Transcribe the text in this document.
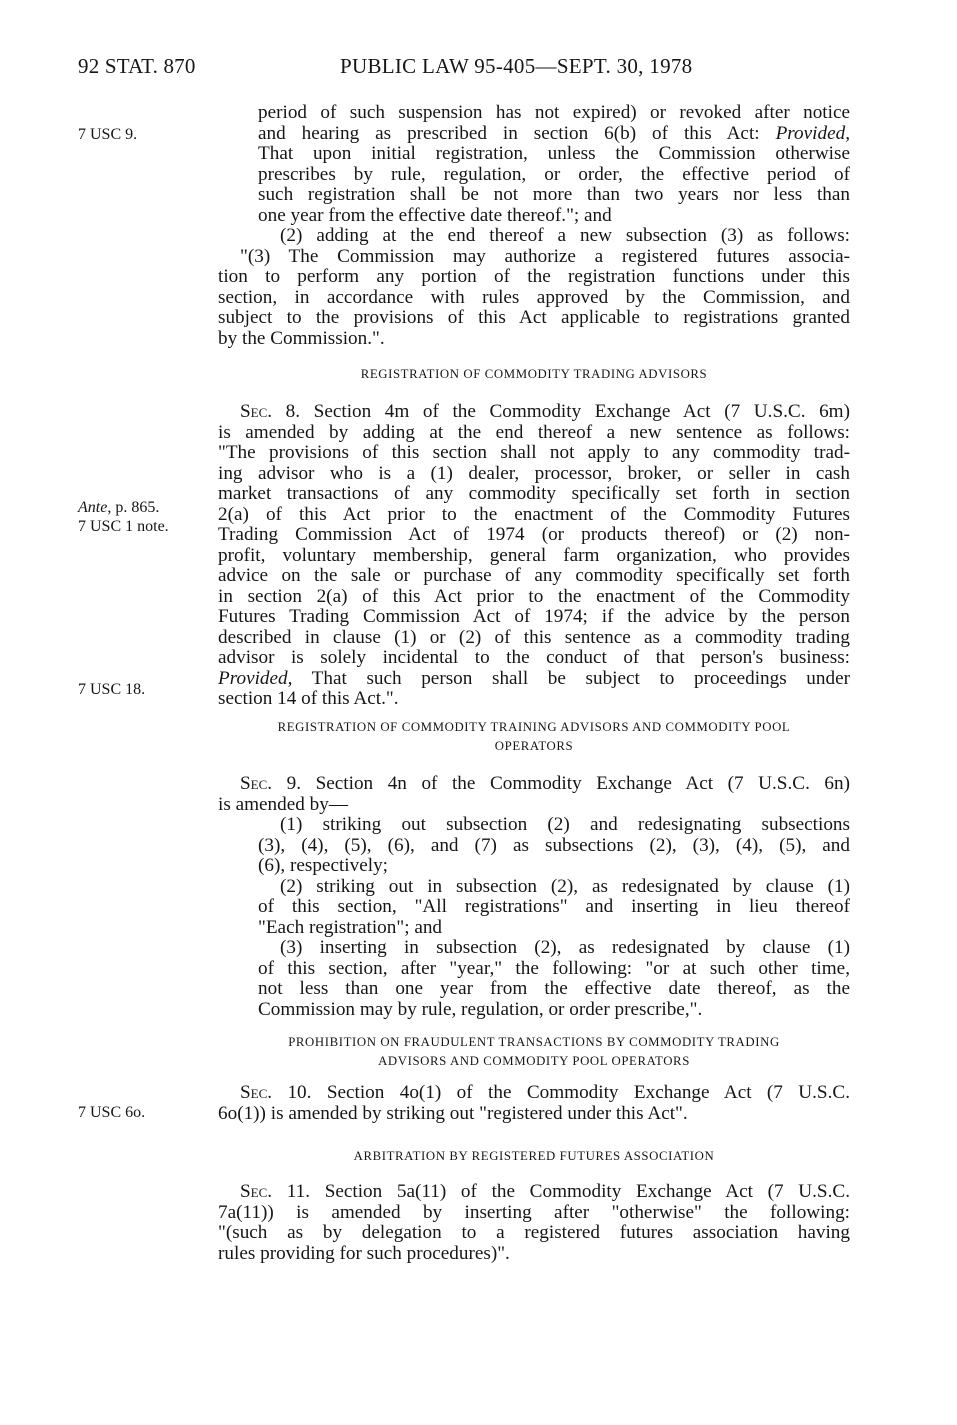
92 STAT. 870	PUBLIC LAW 95-405—SEPT. 30, 1978
7 USC 9.
Ante, p. 865.
7 USC 1 note.
7 USC 18.
7 USC 6o.
period of such suspension has not expired) or revoked after notice
and hearing as prescribed in section 6(b) of this Act: Provided,
That upon initial registration, unless the Commission otherwise
prescribes by rule, regulation, or order, the effective period of
such registration shall be not more than two years nor less than
one year from the effective date thereof."; and
(2) adding at the end thereof a new subsection (3) as follows:
"(3) The Commission may authorize a registered futures associa-
tion to perform any portion of the registration functions under this
section, in accordance with rules approved by the Commission, and
subject to the provisions of this Act applicable to registrations granted
by the Commission.".
REGISTRATION OF COMMODITY TRADING ADVISORS
Sec. 8. Section 4m of the Commodity Exchange Act (7 U.S.C. 6m)
is amended by adding at the end thereof a new sentence as follows:
"The provisions of this section shall not apply to any commodity trad-
ing advisor who is a (1) dealer, processor, broker, or seller in cash
market transactions of any commodity specifically set forth in section
2(a) of this Act prior to the enactment of the Commodity Futures
Trading Commission Act of 1974 (or products thereof) or (2) non-
profit, voluntary membership, general farm organization, who provides
advice on the sale or purchase of any commodity specifically set forth
in section 2(a) of this Act prior to the enactment of the Commodity
Futures Trading Commission Act of 1974; if the advice by the person
described in clause (1) or (2) of this sentence as a commodity trading
advisor is solely incidental to the conduct of that person's business:
Provided, That such person shall be subject to proceedings under
section 14 of this Act.".
REGISTRATION OF COMMODITY TRAINING ADVISORS AND COMMODITY POOL
OPERATORS
Sec. 9. Section 4n of the Commodity Exchange Act (7 U.S.C. 6n)
is amended by—
(1) striking out subsection (2) and redesignating subsections
(3), (4), (5), (6), and (7) as subsections (2), (3), (4), (5), and
(6), respectively;
(2) striking out in subsection (2), as redesignated by clause (1)
of this section, "All registrations" and inserting in lieu thereof
"Each registration"; and
(3) inserting in subsection (2), as redesignated by clause (1)
of this section, after "year," the following: "or at such other time,
not less than one year from the effective date thereof, as the
Commission may by rule, regulation, or order prescribe,".
PROHIBITION ON FRAUDULENT TRANSACTIONS BY COMMODITY TRADING
ADVISORS AND COMMODITY POOL OPERATORS
Sec. 10. Section 4o(1) of the Commodity Exchange Act (7 U.S.C.
6o(1)) is amended by striking out "registered under this Act".
ARBITRATION BY REGISTERED FUTURES ASSOCIATION
Sec. 11. Section 5a(11) of the Commodity Exchange Act (7 U.S.C.
7a(11)) is amended by inserting after "otherwise" the following:
"(such as by delegation to a registered futures association having
rules providing for such procedures)".
